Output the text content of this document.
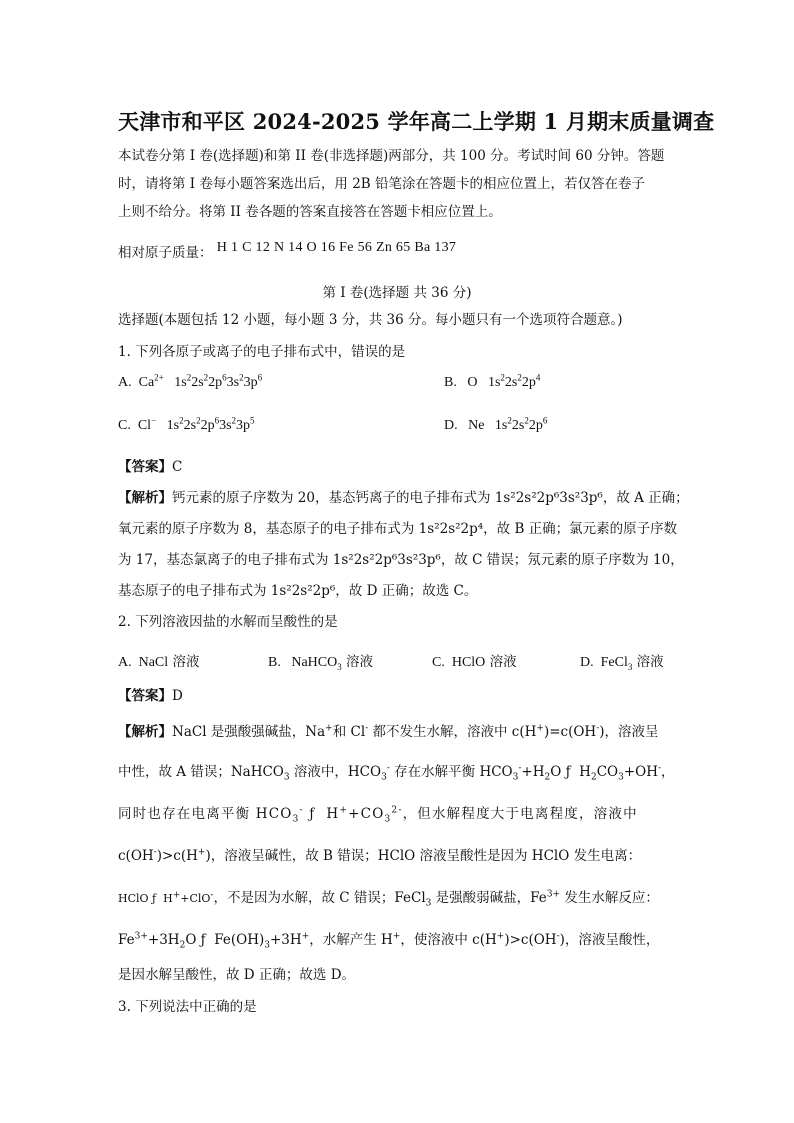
天津市和平区 2024-2025 学年高二上学期 1 月期末质量调查
本试卷分第 I 卷(选择题)和第 II 卷(非选择题)两部分，共 100 分。考试时间 60 分钟。答题
时，请将第 I 卷每小题答案选出后，用 2B 铅笔涂在答题卡的相应位置上，若仅答在卷子
上则不给分。将第 II 卷各题的答案直接答在答题卡相应位置上。
相对原子质量： H 1 C 12 N 14 O 16 Fe 56 Zn 65 Ba 137
第 I 卷(选择题 共 36 分)
选择题(本题包括 12 小题，每小题 3 分，共 36 分。每小题只有一个选项符合题意。)
1. 下列各原子或离子的电子排布式中，错误的是
A.  $Ca^{2+}$   $1s^22s^22p^63s^23p^6$	B.   O   $1s^22s^22p^4$
C.  Cl−   $1s^22s^22p^63s^23p^5$	D.   Ne   $1s^22s^22p^6$
【答案】C
【解析】钙元素的原子序数为 20，基态钙离子的电子排布式为 1s²2s²2p⁶3s²3p⁶，故 A 正确；
氧元素的原子序数为 8，基态原子的电子排布式为 1s²2s²2p⁴，故 B 正确；氯元素的原子序数
为 17，基态氯离子的电子排布式为 1s²2s²2p⁶3s²3p⁶，故 C 错误；氖元素的原子序数为 10，
基态原子的电子排布式为 1s²2s²2p⁶，故 D 正确；故选 C。
2. 下列溶液因盐的水解而呈酸性的是
A.  NaCl 溶液	B.   NaHCO$_3$ 溶液	C.  HClO 溶液	D.  FeCl$_3$ 溶液
【答案】D
【解析】NaCl 是强酸强碱盐，Na+和 Cl- 都不发生水解，溶液中 c(H+)=c(OH-)，溶液呈
中性，故 A 错误；NaHCO$_3$ 溶液中，$HCO_3^-$ 存在水解平衡 $HCO_3^-+H_2O$ ƒ  $H_2CO_3+OH^-$，
同时也存在电离平衡 $HCO_3^-$ ƒ  $H^++CO_3^{2-}$，但水解程度大于电离程度，溶液中
c(OH-)>c(H+)，溶液呈碱性，故 B 错误；HClO 溶液呈酸性是因为 HClO 发生电离：
HClO ƒ  H++ClO-，不是因为水解，故 C 错误；FeCl$_3$ 是强酸弱碱盐，$Fe^{3+}$ 发生水解反应：
$Fe^{3+}+3H_2O$ ƒ  $Fe(OH)_3+3H^+$，水解产生 H+，使溶液中 c(H+)>c(OH-)，溶液呈酸性，
是因水解呈酸性，故 D 正确；故选 D。
3. 下列说法中正确的是
